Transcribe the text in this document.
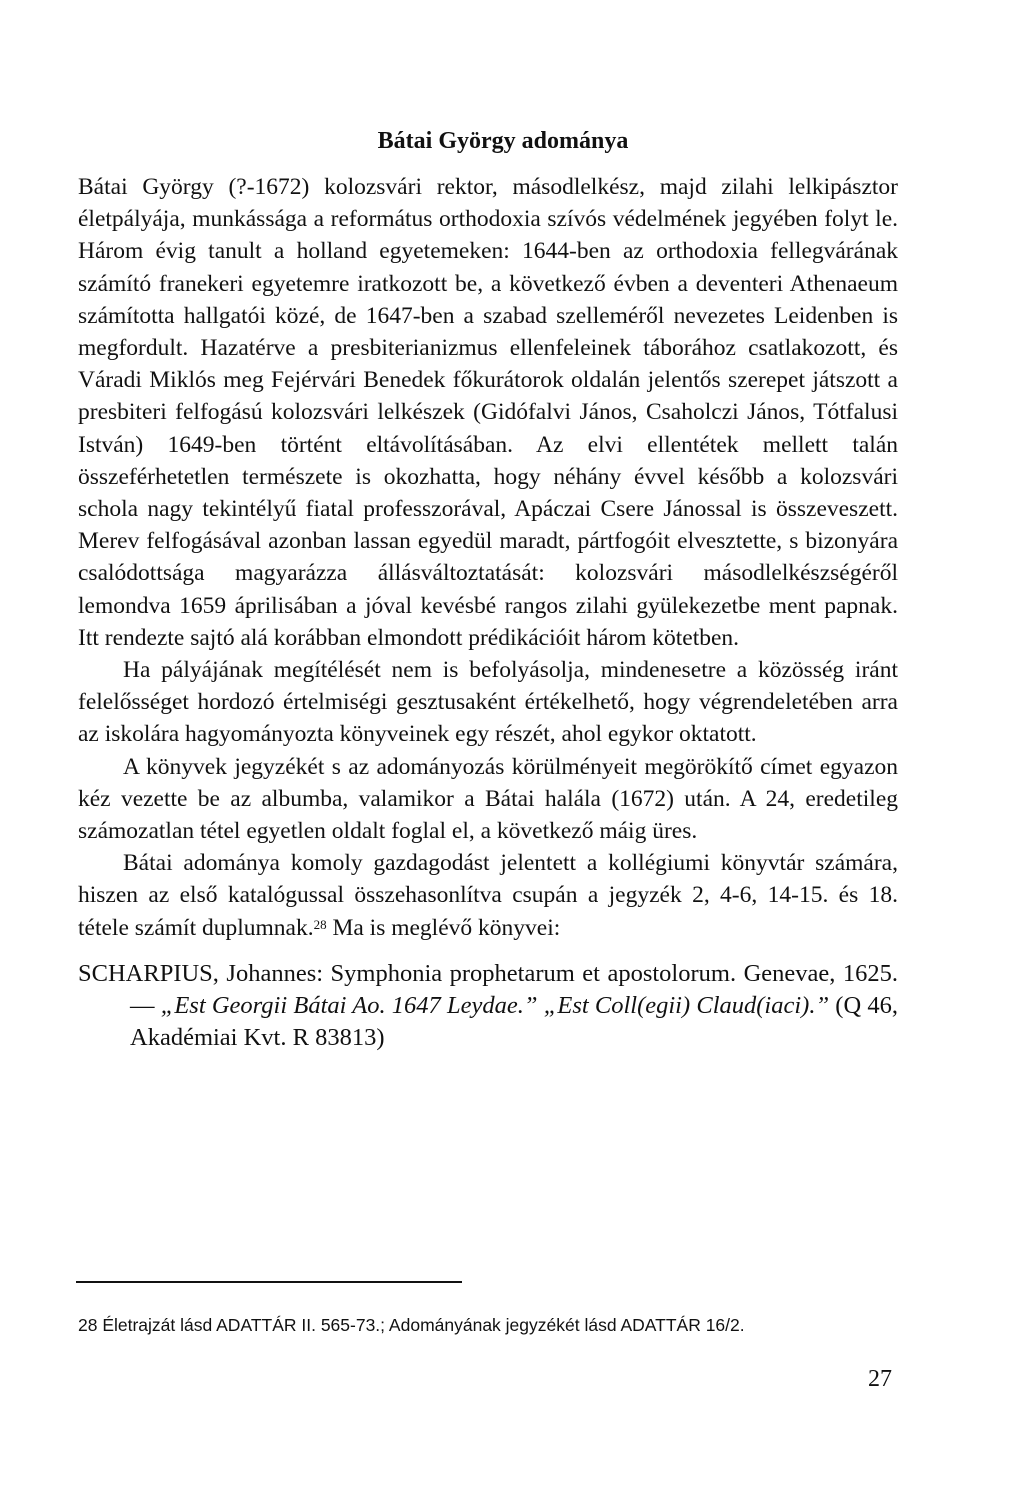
Bátai György adománya

Bátai György (?-1672) kolozsvári rektor, másodlelkész, majd zilahi lelkipásztor életpályája, munkássága a református orthodoxia szívós védelmének jegyében folyt le. Három évig tanult a holland egyetemeken: 1644-ben az orthodoxia fellegvárának számító franekeri egyetemre iratkozott be, a következő évben a deventeri Athenaeum számította hallgatói közé, de 1647-ben a szabad szelleméről nevezetes Leidenben is megfordult. Hazatérve a presbiterianizmus ellenfeleinek táborához csatlakozott, és Váradi Miklós meg Fejérvári Benedek főkurátorok oldalán jelentős szerepet játszott a presbiteri felfogású kolozsvári lelkészek (Gidófalvi János, Csaholczi János, Tótfalusi István) 1649-ben történt eltávolításában. Az elvi ellentétek mellett talán összeférhetetlen természete is okozhatta, hogy néhány évvel később a kolozsvári schola nagy tekintélyű fiatal professzorával, Apáczai Csere Jánossal is összeveszett. Merev felfogásával azonban lassan egyedül maradt, pártfogóit elvesztette, s bizonyára csalódottsága magyarázza állásváltoztatását: kolozsvári másodlelkészségéről lemondva 1659 áprilisában a jóval kevésbé rangos zilahi gyülekezetbe ment papnak. Itt rendezte sajtó alá korábban elmondott prédikációit három kötetben.

Ha pályájának megítélését nem is befolyásolja, mindenesetre a közösség iránt felelősséget hordozó értelmiségi gesztusaként értékelhető, hogy végrendeletében arra az iskolára hagyományozta könyveinek egy részét, ahol egykor oktatott.

A könyvek jegyzékét s az adományozás körülményeit megörökítő címet egyazon kéz vezette be az albumba, valamikor a Bátai halála (1672) után. A 24, eredetileg számozatlan tétel egyetlen oldalt foglal el, a következő máig üres.

Bátai adománya komoly gazdagodást jelentett a kollégiumi könyvtár számára, hiszen az első katalógussal összehasonlítva csupán a jegyzék 2, 4-6, 14-15. és 18. tétele számít duplumnak.$^{28}$ Ma is meglévő könyvei:

SCHARPIUS, Johannes: Symphonia prophetarum et apostolorum. Genevae, 1625. — „Est Georgii Bátai Ao. 1647 Leydae.” „Est Coll(egii) Claud(iaci).” (Q 46, Akadémiai Kvt. R 83813)

28 Életrajzát lásd ADATTÁR II. 565-73.; Adományának jegyzékét lásd ADATTÁR 16/2.
27
